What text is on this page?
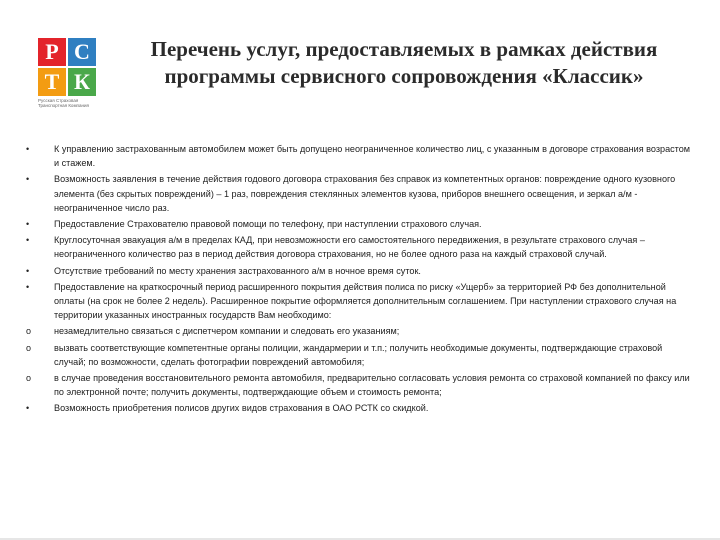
Р С
Т К
Русская Страховая Транспортная Компания
Перечень услуг, предоставляемых в рамках действия
программы сервисного сопровождения «Классик»
•	К управлению застрахованным автомобилем может быть допущено неограниченное количество лиц, с указанным в договоре страхования возрастом и стажем.
•	Возможность заявления в течение действия годового договора страхования без справок из компетентных органов: повреждение одного кузовного элемента (без скрытых повреждений) – 1 раз, повреждения стеклянных элементов кузова, приборов внешнего освещения, и зеркал а/м - неограниченное число раз.
•	Предоставление Страхователю правовой помощи по телефону, при наступлении страхового случая.
•	Круглосуточная эвакуация а/м в пределах КАД, при невозможности его самостоятельного передвижения, в результате страхового случая – неограниченного количество раз в период действия договора страхования, но не более одного раза на каждый страховой случай.
•	Отсутствие требований по месту хранения застрахованного а/м в ночное время суток.
•	Предоставление на краткосрочный период расширенного покрытия действия полиса по риску «Ущерб» за территорией РФ без дополнительной оплаты (на срок не более 2 недель). Расширенное покрытие оформляется дополнительным соглашением. При наступлении страхового случая на территории указанных иностранных государств Вам необходимо:
o	незамедлительно связаться с диспетчером компании и следовать его указаниям;
o	вызвать соответствующие компетентные органы полиции, жандармерии и т.п.; получить необходимые документы, подтверждающие страховой случай; по возможности, сделать фотографии повреждений автомобиля;
o	в случае проведения восстановительного ремонта автомобиля, предварительно согласовать условия ремонта со страховой компанией по факсу или по электронной почте; получить документы, подтверждающие объем и стоимость ремонта;
•	Возможность приобретения полисов других видов страхования в ОАО РСТК со скидкой.
